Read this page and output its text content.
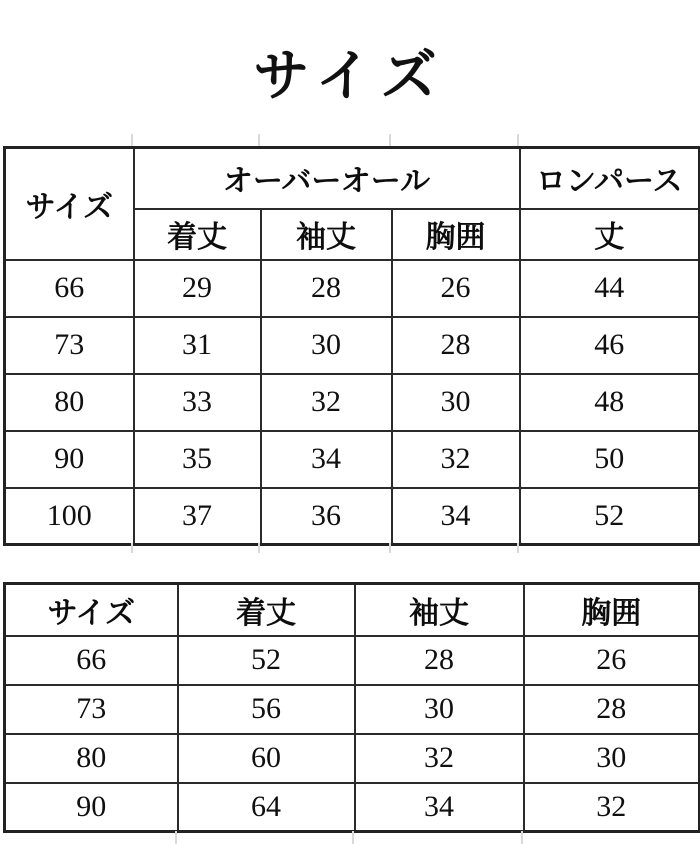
サイズ
サイズ	オーバーオール			ロンパース
	着丈	袖丈	胸囲	丈
66	29	28	26	44
73	31	30	28	46
80	33	32	30	48
90	35	34	32	50
100	37	36	34	52
サイズ	着丈	袖丈	胸囲
66	52	28	26
73	56	30	28
80	60	32	30
90	64	34	32
